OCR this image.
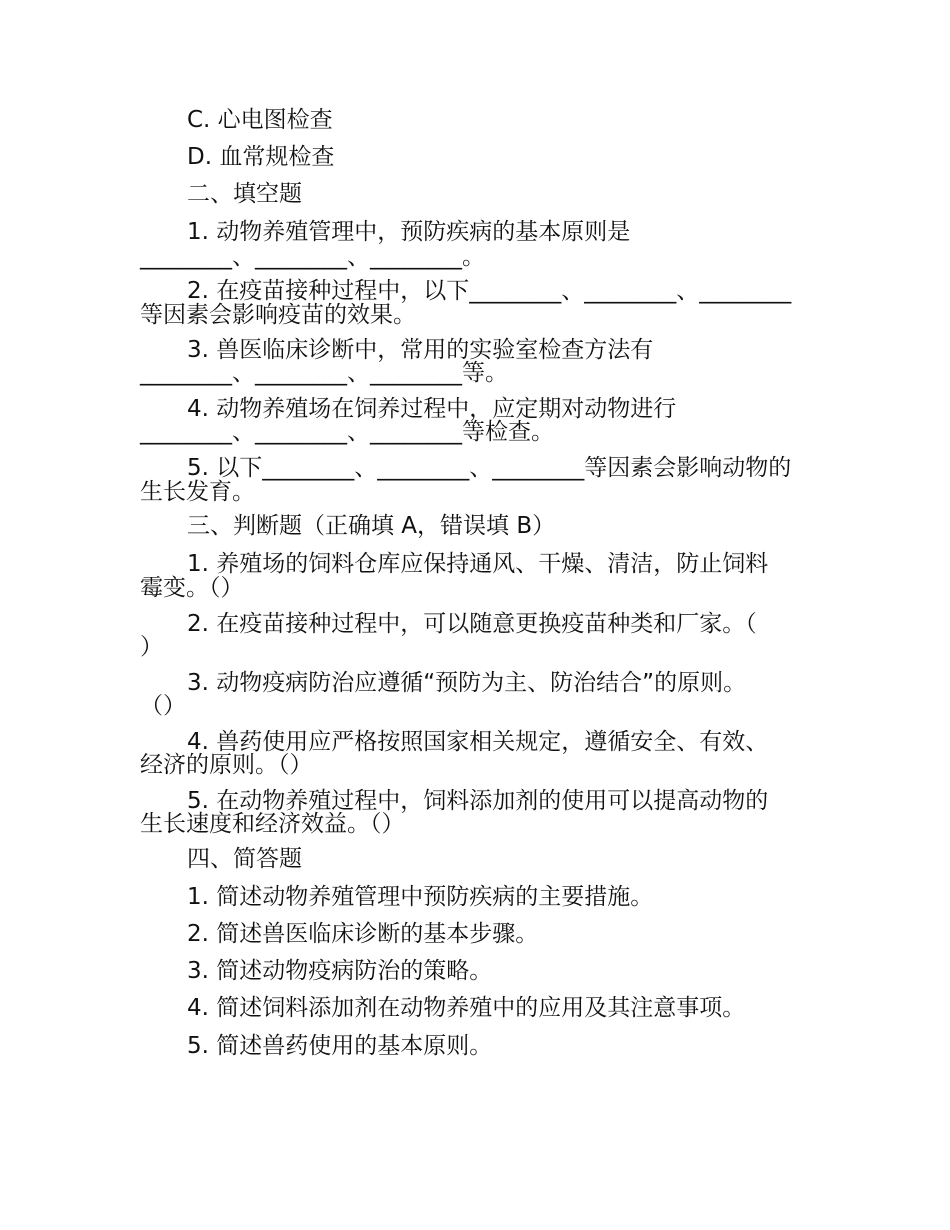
C. 心电图检查
D. 血常规检查
二、填空题
1. 动物养殖管理中，预防疾病的基本原则是
________、________、________。
2. 在疫苗接种过程中，以下________、________、________
等因素会影响疫苗的效果。
3. 兽医临床诊断中，常用的实验室检查方法有
________、________、________等。
4. 动物养殖场在饲养过程中，应定期对动物进行
________、________、________等检查。
5. 以下________、________、________等因素会影响动物的
生长发育。
三、判断题（正确填 A，错误填 B）
1. 养殖场的饲料仓库应保持通风、干燥、清洁，防止饲料
霉变。（）
2. 在疫苗接种过程中，可以随意更换疫苗种类和厂家。（
）
3. 动物疫病防治应遵循“预防为主、防治结合”的原则。
（）
4. 兽药使用应严格按照国家相关规定，遵循安全、有效、
经济的原则。（）
5. 在动物养殖过程中，饲料添加剂的使用可以提高动物的
生长速度和经济效益。（）
四、简答题
1. 简述动物养殖管理中预防疾病的主要措施。
2. 简述兽医临床诊断的基本步骤。
3. 简述动物疫病防治的策略。
4. 简述饲料添加剂在动物养殖中的应用及其注意事项。
5. 简述兽药使用的基本原则。
